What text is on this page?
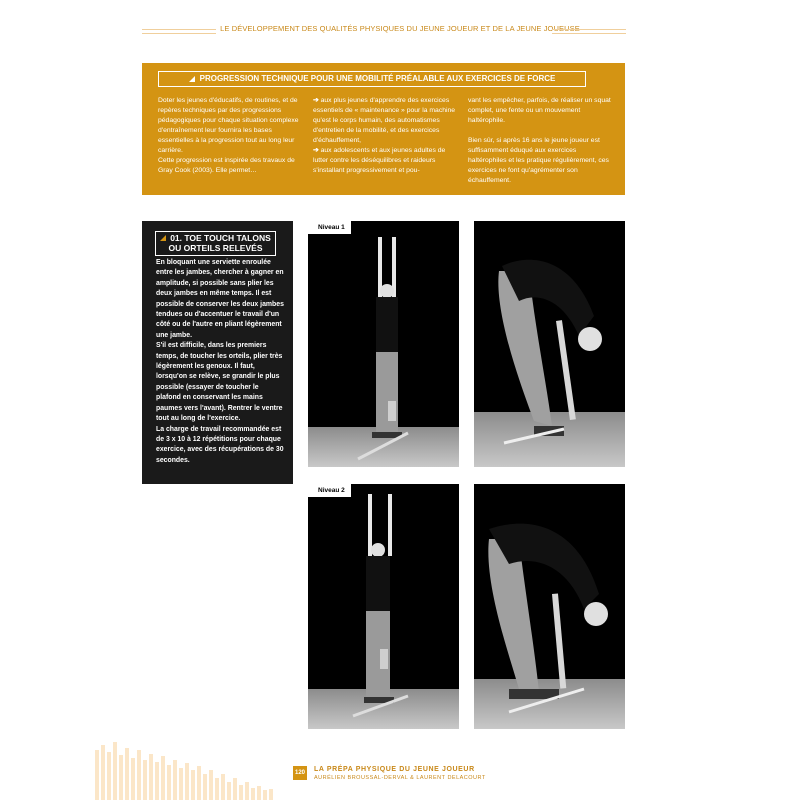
LE DÉVELOPPEMENT DES QUALITÉS PHYSIQUES DU JEUNE JOUEUR ET DE LA JEUNE JOUEUSE
PROGRESSION TECHNIQUE POUR UNE MOBILITÉ PRÉALABLE AUX EXERCICES DE FORCE

Doter les jeunes d'éducatifs, de routines, et de repères techniques par des progressions pédagogiques pour chaque situation complexe d'entraînement leur fournira les bases essentielles à la progression tout au long leur carrière.

Cette progression est inspirée des travaux de Gray Cook (2003). Elle permet…

➔ aux plus jeunes d'apprendre des exercices essentiels de « maintenance » pour la machine qu'est le corps humain, des automatismes d'entretien de la mobilité, et des exercices d'échauffement,

➔ aux adolescents et aux jeunes adultes de lutter contre les déséquilibres et raideurs s'installant progressivement et pou-

vant les empêcher, parfois, de réaliser un squat complet, une fente ou un mouvement haltérophile.

Bien sûr, si après 16 ans le jeune joueur est suffisamment éduqué aux exercices haltérophiles et les pratique régulièrement, ces exercices ne font qu'agrémenter son échauffement.

01. TOE TOUCH TALONS
OU ORTEILS RELEVÉS

En bloquant une serviette enroulée entre les jambes, chercher à gagner en amplitude, si possible sans plier les deux jambes en même temps. Il est possible de conserver les deux jambes tendues ou d'accentuer le travail d'un côté ou de l'autre en pliant légèrement une jambe.

S'il est difficile, dans les premiers temps, de toucher les orteils, plier très légèrement les genoux. Il faut, lorsqu'on se relève, se grandir le plus possible (essayer de toucher le plafond en conservant les mains paumes vers l'avant). Rentrer le ventre tout au long de l'exercice.

La charge de travail recommandée est de 3 x 10 à 12 répétitions pour chaque exercice, avec des récupérations de 30 secondes.

Niveau 1
Niveau 2
120 LA PRÉPA PHYSIQUE DU JEUNE JOUEUR
AURÉLIEN BROUSSAL-DERVAL & LAURENT DELACOURT
